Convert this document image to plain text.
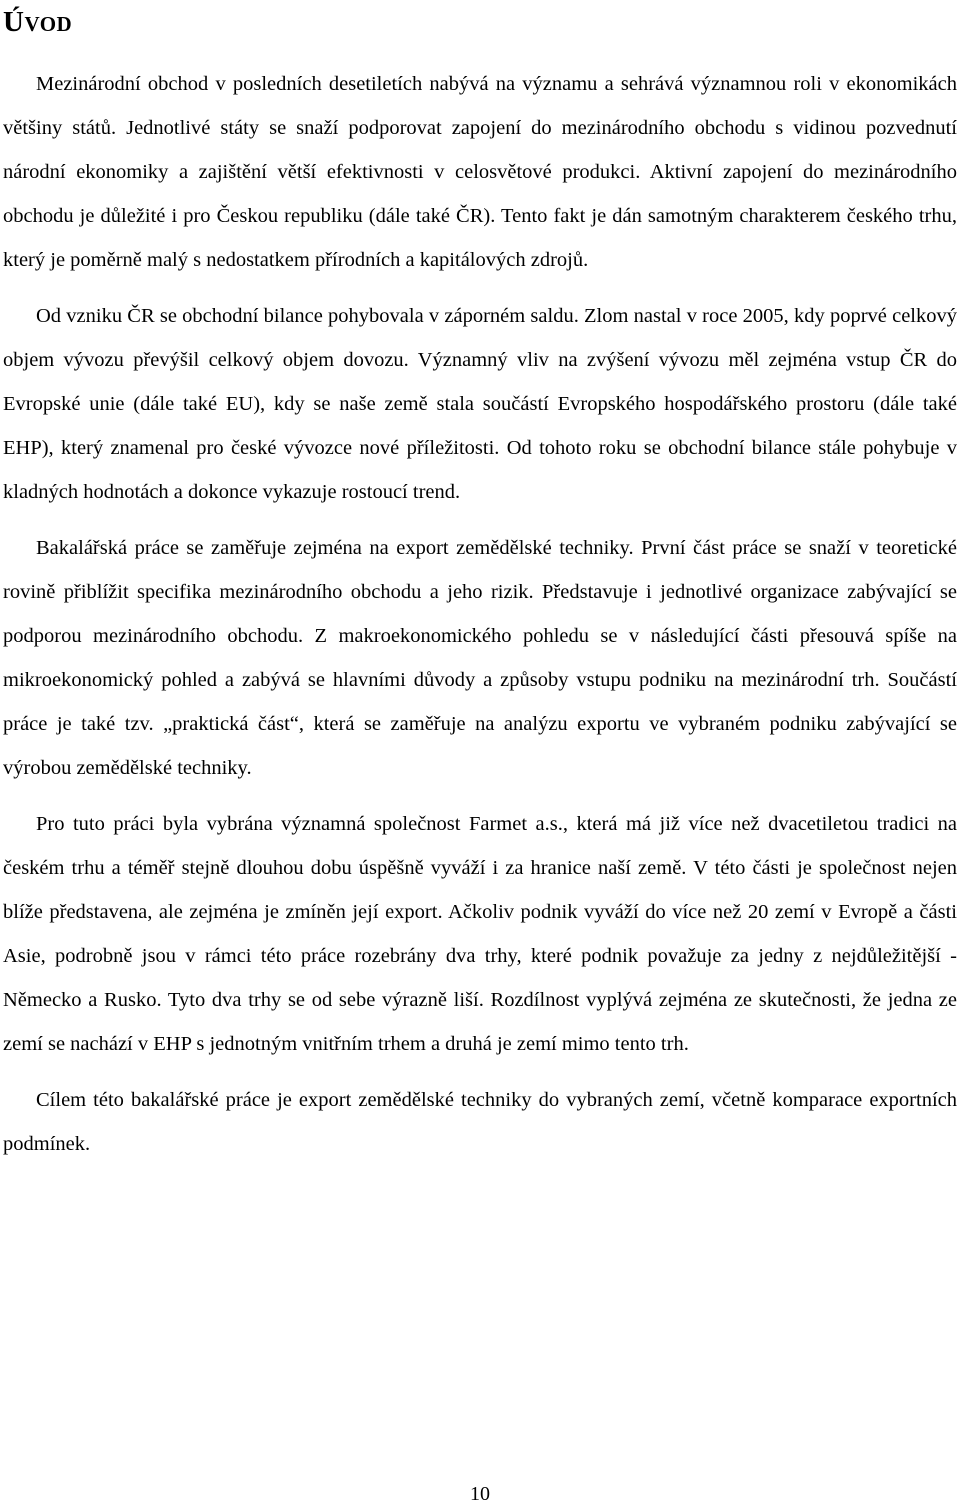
ÚVOD

Mezinárodní obchod v posledních desetiletích nabývá na významu a sehrává významnou roli v ekonomikách většiny států. Jednotlivé státy se snaží podporovat zapojení do mezinárodního obchodu s vidinou pozvednutí národní ekonomiky a zajištění větší efektivnosti v celosvětové produkci. Aktivní zapojení do mezinárodního obchodu je důležité i pro Českou republiku (dále také ČR). Tento fakt je dán samotným charakterem českého trhu, který je poměrně malý s nedostatkem přírodních a kapitálových zdrojů.

Od vzniku ČR se obchodní bilance pohybovala v záporném saldu. Zlom nastal v roce 2005, kdy poprvé celkový objem vývozu převýšil celkový objem dovozu. Významný vliv na zvýšení vývozu měl zejména vstup ČR do Evropské unie (dále také EU), kdy se naše země stala součástí Evropského hospodářského prostoru (dále také EHP), který znamenal pro české vývozce nové příležitosti. Od tohoto roku se obchodní bilance stále pohybuje v kladných hodnotách a dokonce vykazuje rostoucí trend.

Bakalářská práce se zaměřuje zejména na export zemědělské techniky. První část práce se snaží v teoretické rovině přiblížit specifika mezinárodního obchodu a jeho rizik. Představuje i jednotlivé organizace zabývající se podporou mezinárodního obchodu. Z makroekonomického pohledu se v následující části přesouvá spíše na mikroekonomický pohled a zabývá se hlavními důvody a způsoby vstupu podniku na mezinárodní trh. Součástí práce je také tzv. „praktická část“, která se zaměřuje na analýzu exportu ve vybraném podniku zabývající se výrobou zemědělské techniky.

Pro tuto práci byla vybrána významná společnost Farmet a.s., která má již více než dvacetiletou tradici na českém trhu a téměř stejně dlouhou dobu úspěšně vyváží i za hranice naší země. V této části je společnost nejen blíže představena, ale zejména je zmíněn její export. Ačkoliv podnik vyváží do více než 20 zemí v Evropě a části Asie, podrobně jsou v rámci této práce rozebrány dva trhy, které podnik považuje za jedny z nejdůležitější - Německo a Rusko. Tyto dva trhy se od sebe výrazně liší. Rozdílnost vyplývá zejména ze skutečnosti, že jedna ze zemí se nachází v EHP s jednotným vnitřním trhem a druhá je zemí mimo tento trh.

Cílem této bakalářské práce je export zemědělské techniky do vybraných zemí, včetně komparace exportních podmínek.

10
